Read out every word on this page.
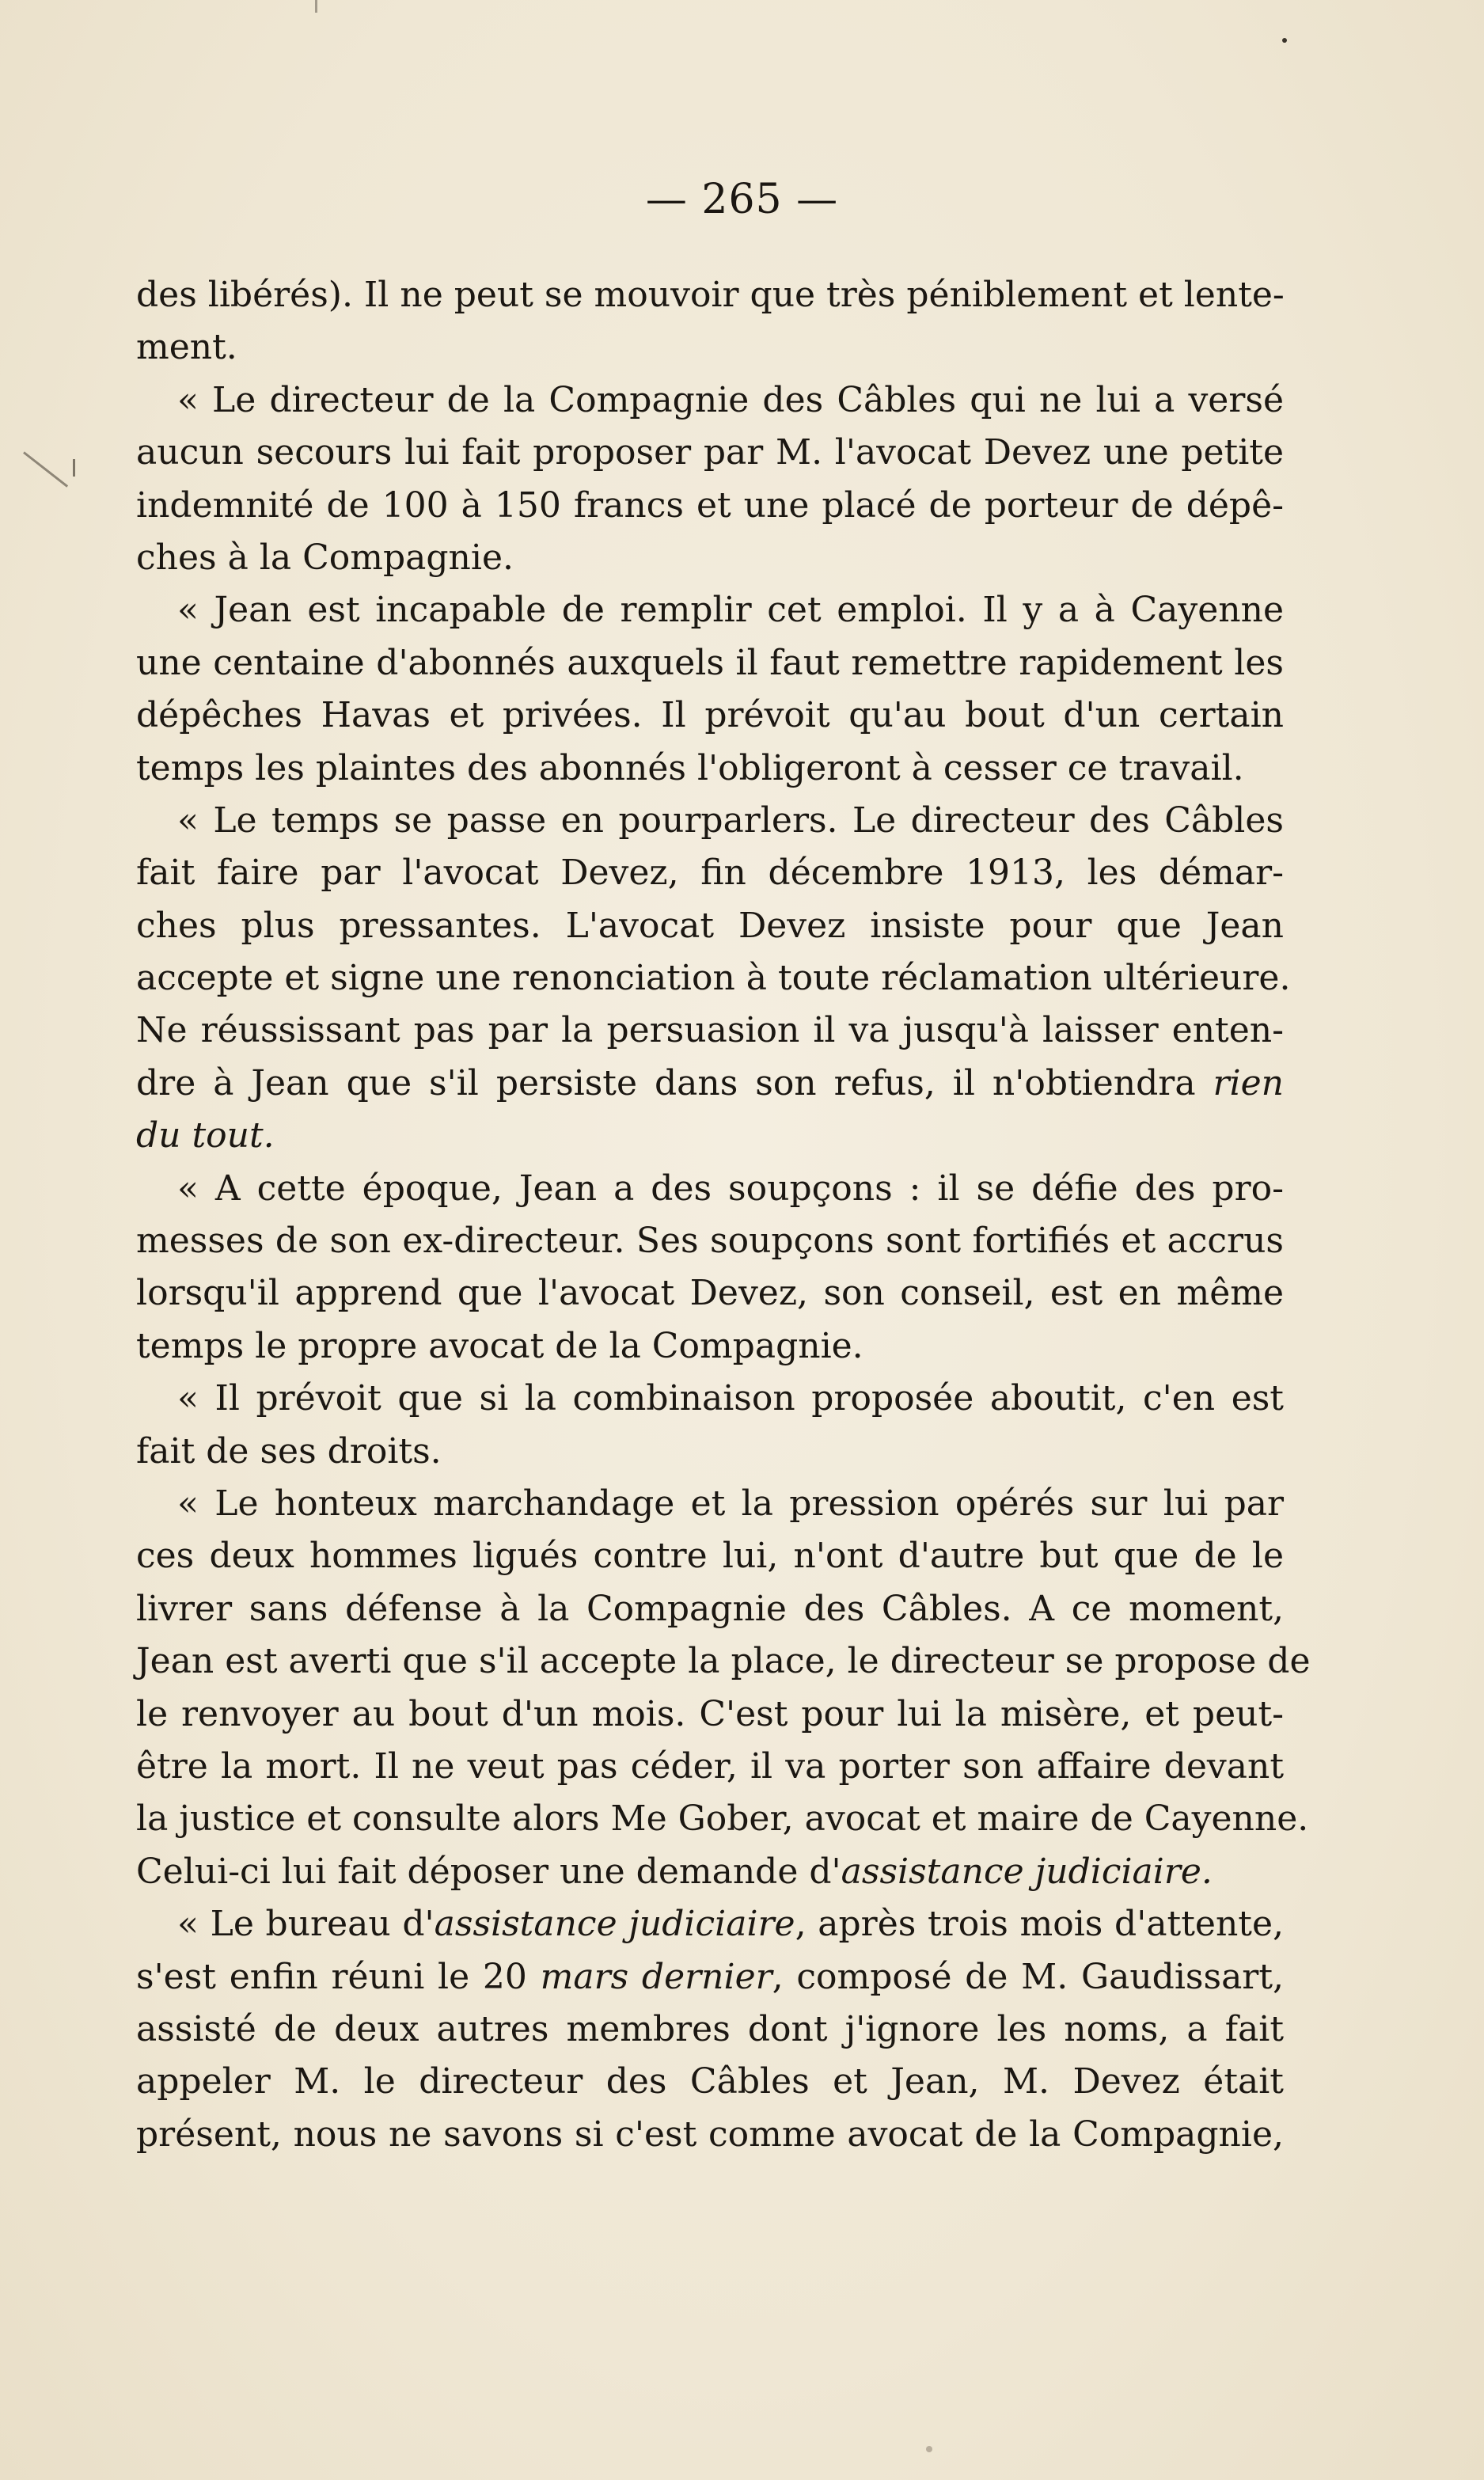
— 265 —
des libérés). Il ne peut se mouvoir que très péniblement et lente-
ment.
« Le directeur de la Compagnie des Câbles qui ne lui a versé
aucun secours lui fait proposer par M. l'avocat Devez une petite
indemnité de 100 à 150 francs et une placé de porteur de dépê-
ches à la Compagnie.
« Jean est incapable de remplir cet emploi. Il y a à Cayenne
une centaine d'abonnés auxquels il faut remettre rapidement les
dépêches Havas et privées. Il prévoit qu'au bout d'un certain
temps les plaintes des abonnés l'obligeront à cesser ce travail.
« Le temps se passe en pourparlers. Le directeur des Câbles
fait faire par l'avocat Devez, fin décembre 1913, les démar-
ches plus pressantes. L'avocat Devez insiste pour que Jean
accepte et signe une renonciation à toute réclamation ultérieure.
Ne réussissant pas par la persuasion il va jusqu'à laisser enten-
dre à Jean que s'il persiste dans son refus, il n'obtiendra rien
du tout.
« A cette époque, Jean a des soupçons : il se défie des pro-
messes de son ex-directeur. Ses soupçons sont fortifiés et accrus
lorsqu'il apprend que l'avocat Devez, son conseil, est en même
temps le propre avocat de la Compagnie.
« Il prévoit que si la combinaison proposée aboutit, c'en est
fait de ses droits.
« Le honteux marchandage et la pression opérés sur lui par
ces deux hommes ligués contre lui, n'ont d'autre but que de le
livrer sans défense à la Compagnie des Câbles. A ce moment,
Jean est averti que s'il accepte la place, le directeur se propose de
le renvoyer au bout d'un mois. C'est pour lui la misère, et peut-
être la mort. Il ne veut pas céder, il va porter son affaire devant
la justice et consulte alors Me Gober, avocat et maire de Cayenne.
Celui-ci lui fait déposer une demande d'assistance judiciaire.
« Le bureau d'assistance judiciaire, après trois mois d'attente,
s'est enfin réuni le 20 mars dernier, composé de M. Gaudissart,
assisté de deux autres membres dont j'ignore les noms, a fait
appeler M. le directeur des Câbles et Jean, M. Devez était
présent, nous ne savons si c'est comme avocat de la Compagnie,
